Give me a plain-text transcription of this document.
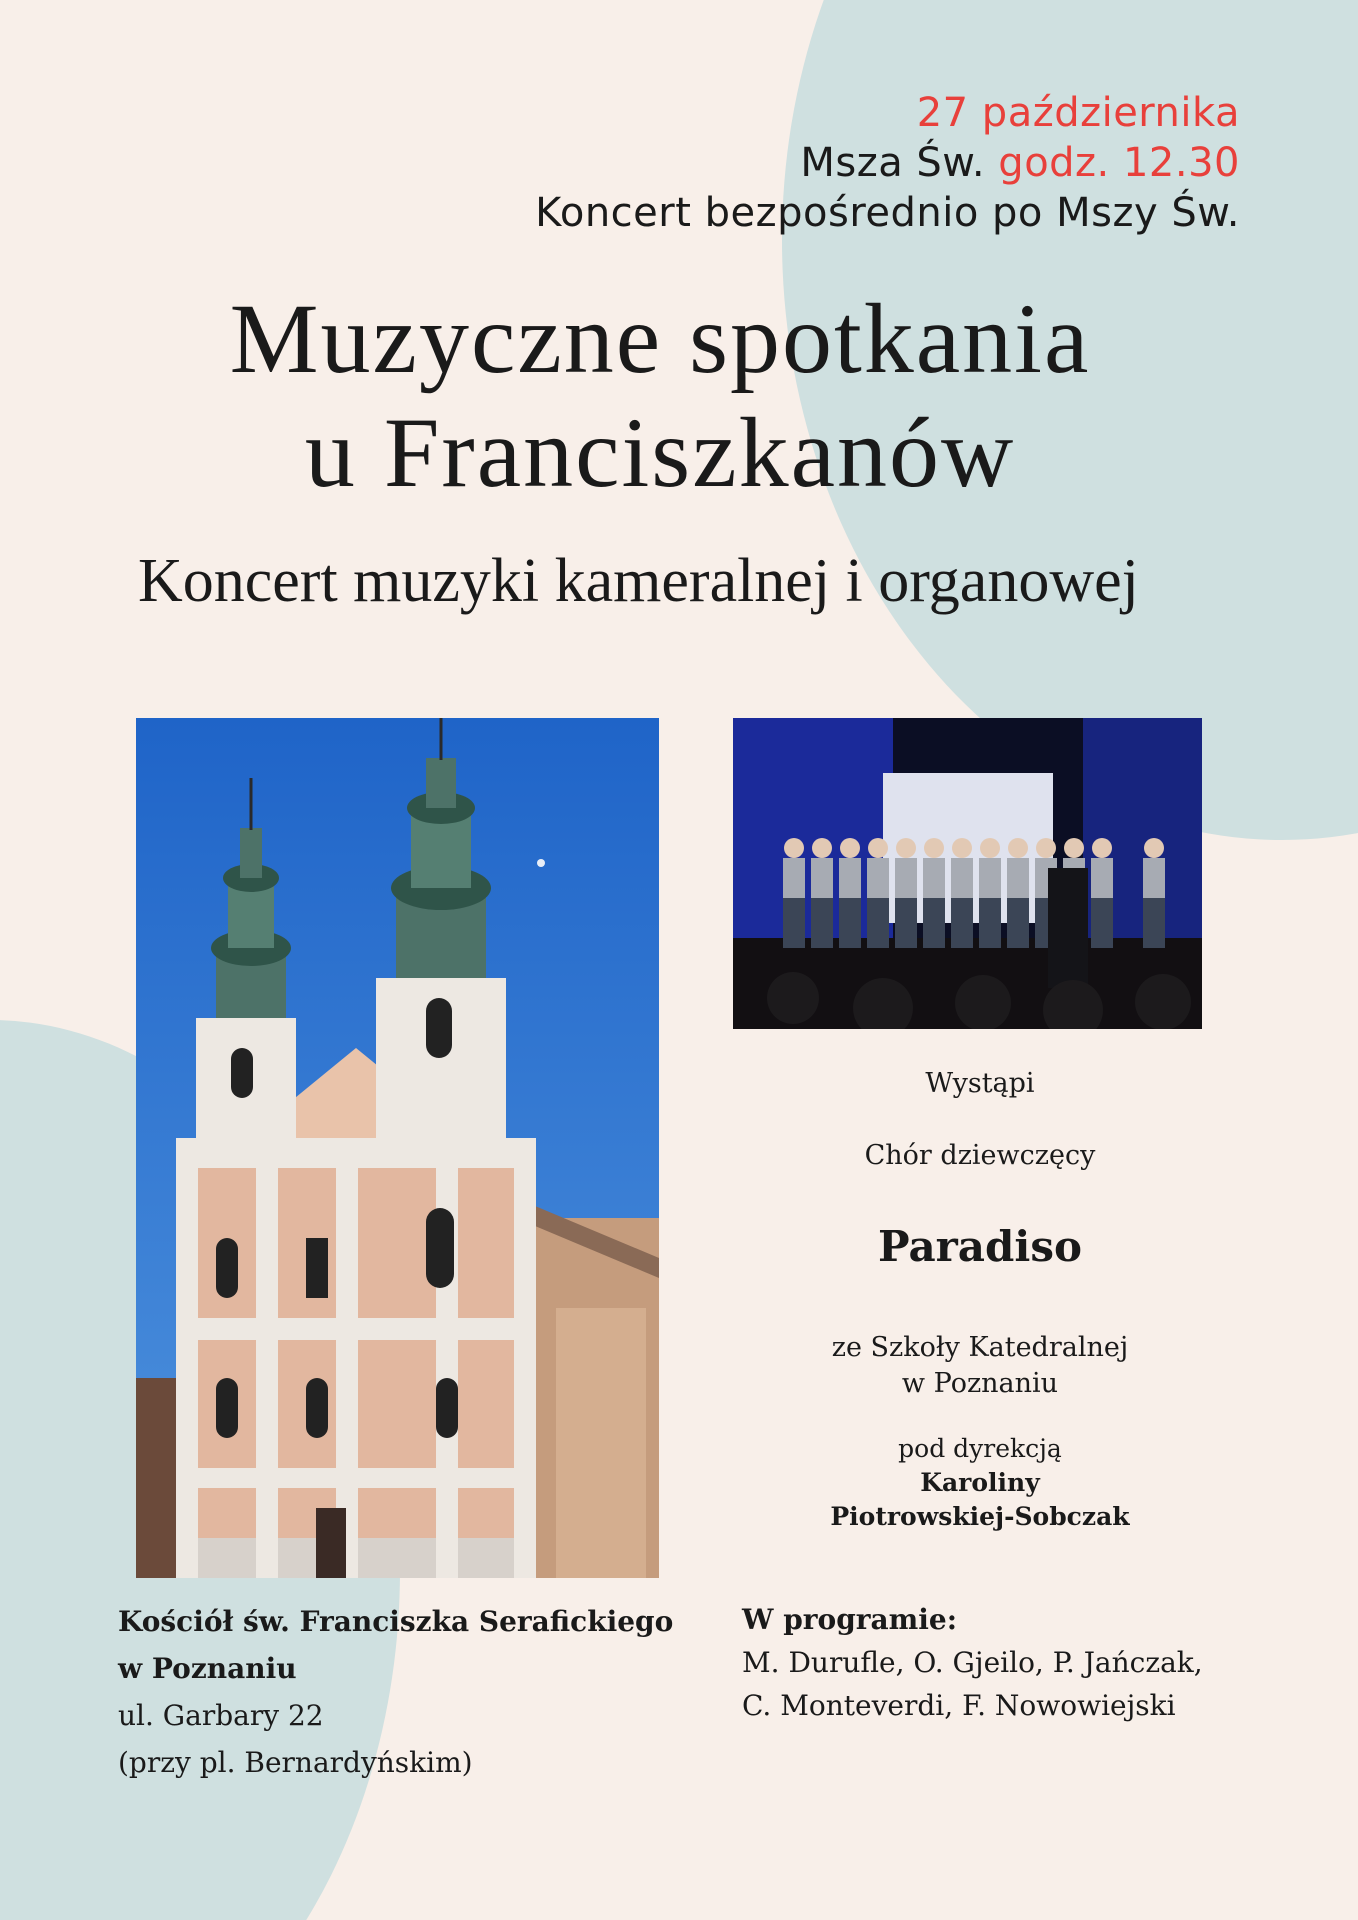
27 października
Msza Św. godz. 12.30
Koncert bezpośrednio po Mszy Św.
Muzyczne spotkania
u Franciszkanów
Koncert muzyki kameralnej i organowej
Wystąpi
Chór dziewczęcy
Paradiso
ze Szkoły Katedralnej
w Poznaniu
pod dyrekcją
Karoliny
Piotrowskiej-Sobczak
Kościół św. Franciszka Serafickiego
w Poznaniu
ul. Garbary 22
(przy pl. Bernardyńskim)
W programie:
M. Durufle, O. Gjeilo, P. Jańczak,
C. Monteverdi, F. Nowowiejski
